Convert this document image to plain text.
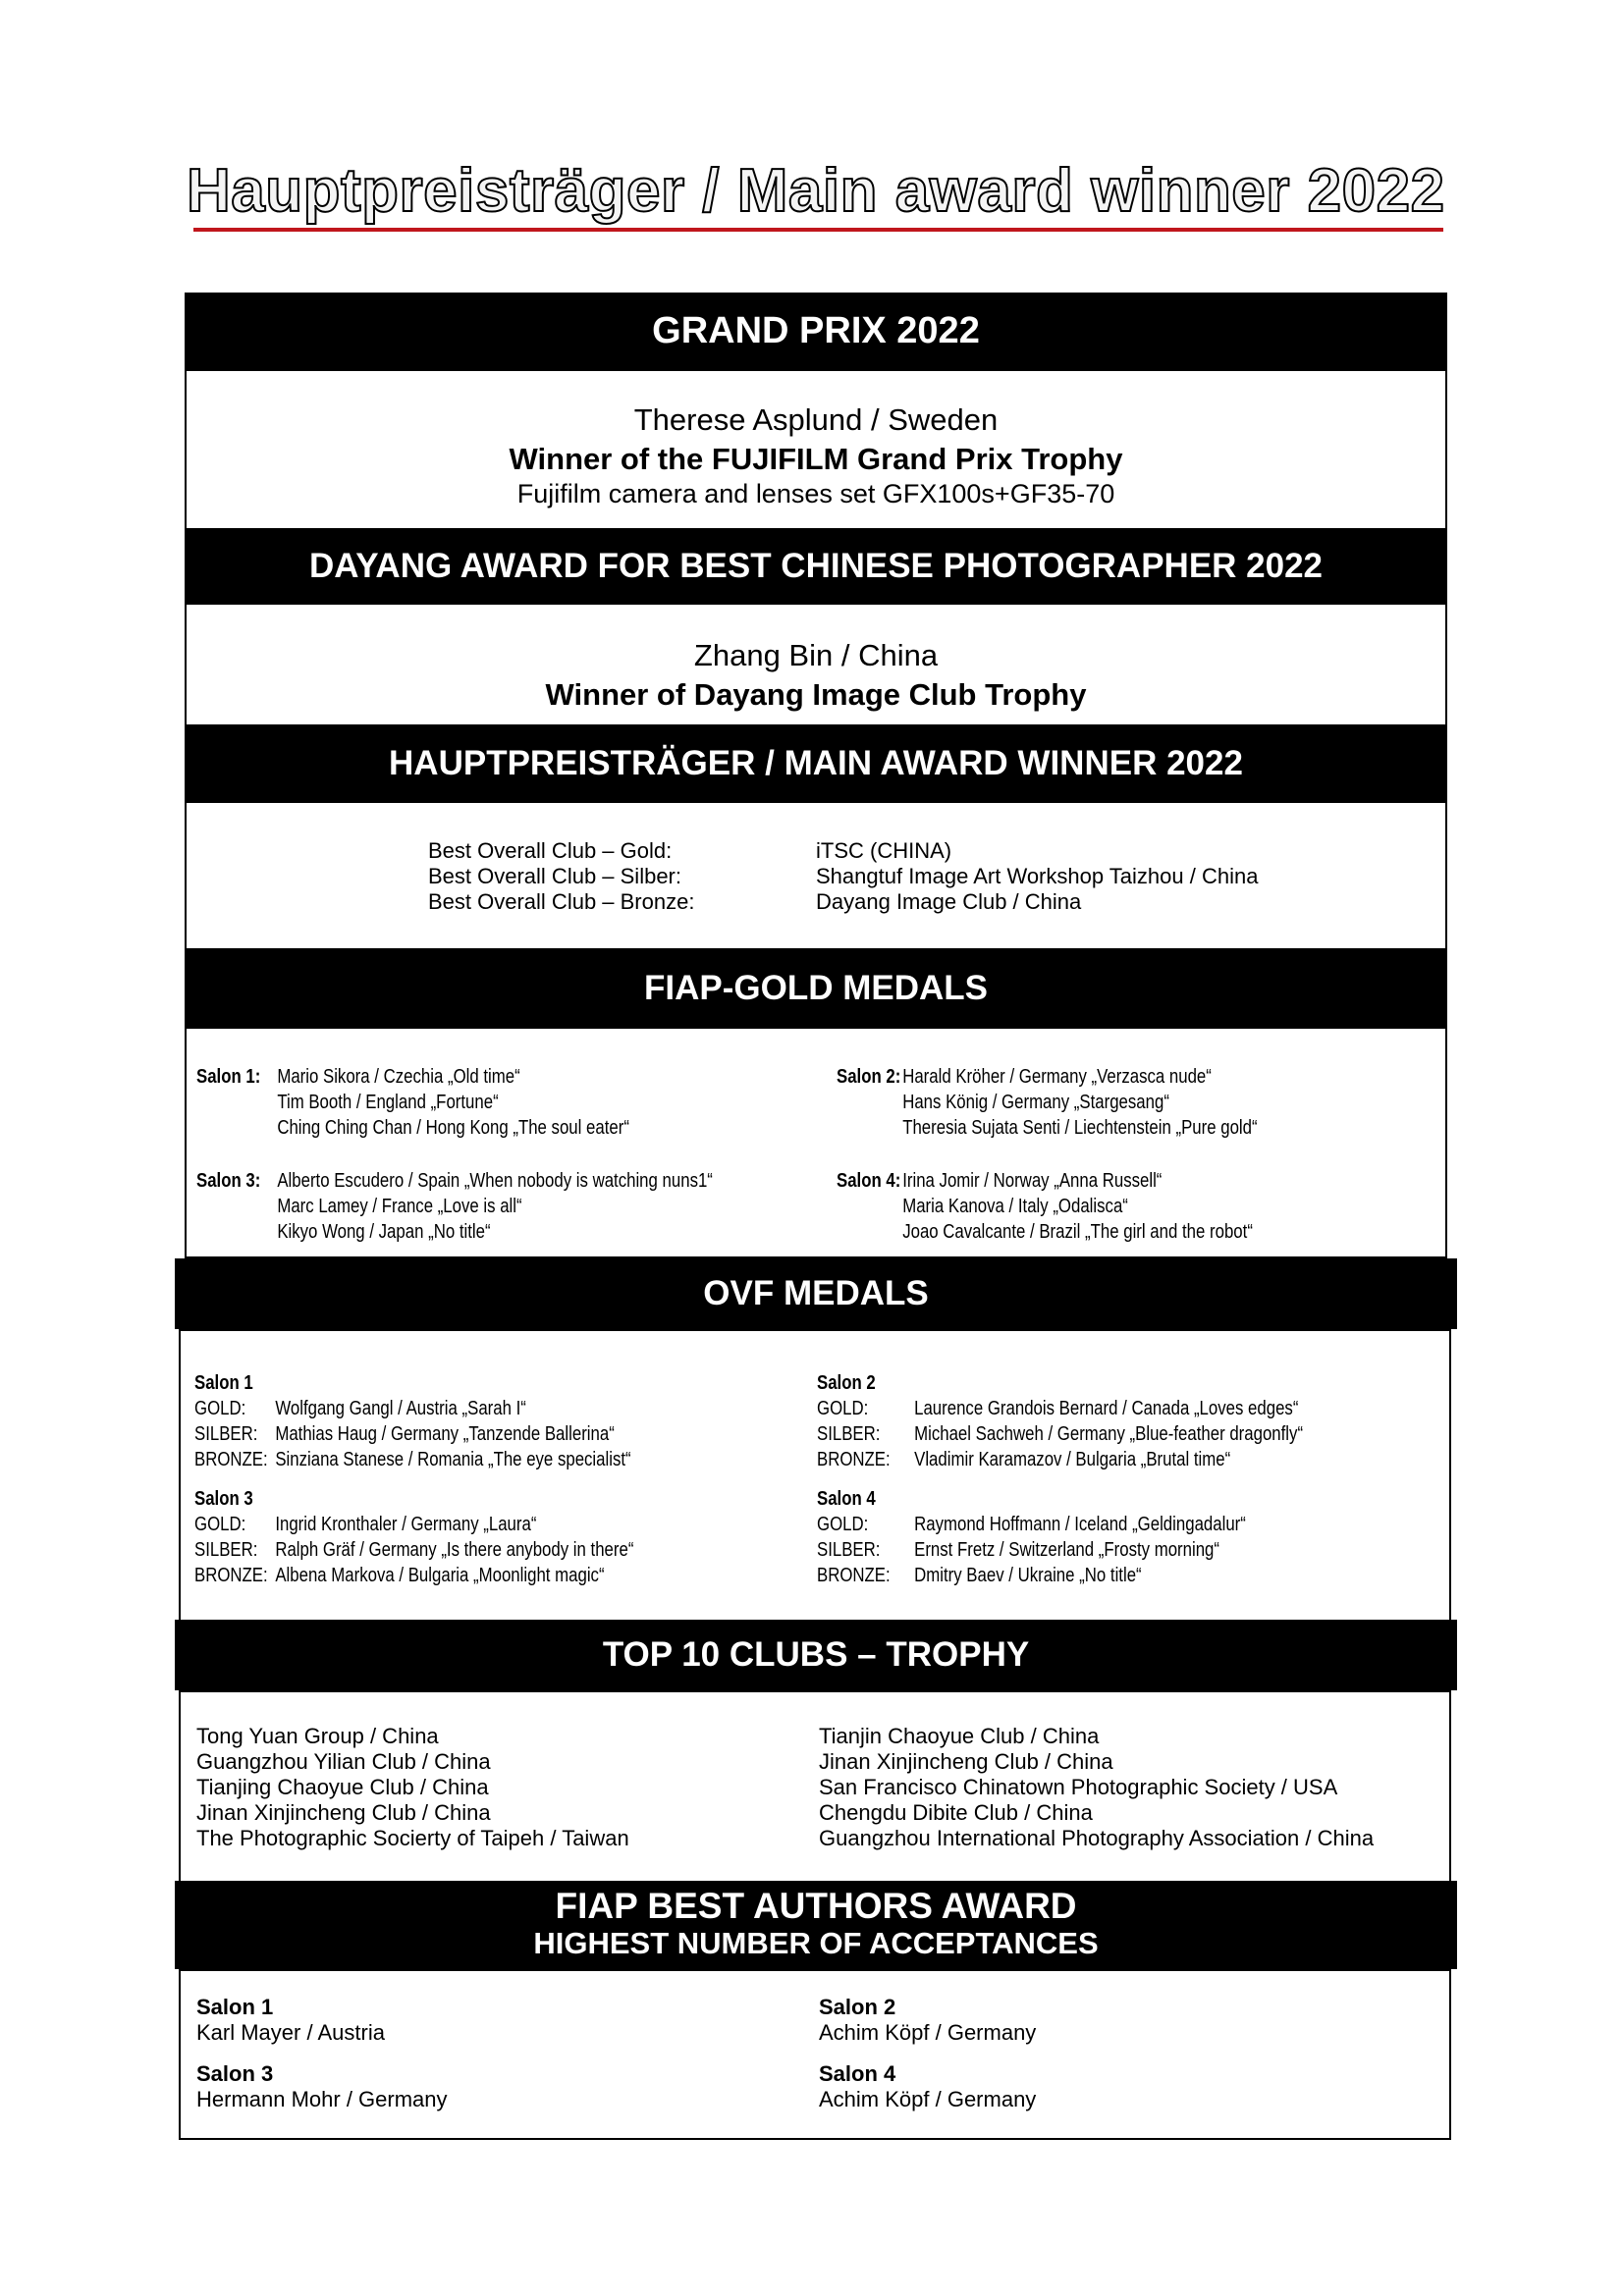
Hauptpreisträger / Main award winner 2022
GRAND PRIX 2022
Therese Asplund / Sweden
Winner of the FUJIFILM Grand Prix Trophy
Fujifilm camera and lenses set GFX100s+GF35-70
DAYANG AWARD FOR BEST CHINESE PHOTOGRAPHER 2022
Zhang Bin / China
Winner of Dayang Image Club Trophy
HAUPTPREISTRÄGER / MAIN AWARD WINNER 2022
Best Overall Club – Gold:	iTSC (CHINA)
Best Overall Club – Silber:	Shangtuf Image Art Workshop Taizhou / China
Best Overall Club – Bronze:	Dayang Image Club / China
FIAP-GOLD MEDALS
Salon 1: Mario Sikora / Czechia „Old time“
Tim Booth / England „Fortune“
Ching Ching Chan / Hong Kong „The soul eater“
Salon 2: Harald Kröher / Germany „Verzasca nude“
Hans König / Germany „Stargesang“
Theresia Sujata Senti / Liechtenstein „Pure gold“
Salon 3: Alberto Escudero / Spain „When nobody is watching nuns1“
Marc Lamey / France „Love is all“
Kikyo Wong / Japan „No title“
Salon 4: Irina Jomir / Norway „Anna Russell“
Maria Kanova / Italy „Odalisca“
Joao Cavalcante / Brazil „The girl and the robot“
OVF MEDALS
Salon 1
GOLD:	Wolfgang Gangl / Austria „Sarah I“
SILBER: Mathias Haug / Germany „Tanzende Ballerina“
BRONZE: Sinziana Stanese / Romania „The eye specialist“
Salon 2
GOLD:	Laurence Grandois Bernard / Canada „Loves edges“
SILBER:	Michael Sachweh / Germany „Blue-feather dragonfly“
BRONZE:	Vladimir Karamazov / Bulgaria „Brutal time“
Salon 3
GOLD:	Ingrid Kronthaler / Germany „Laura“
SILBER: Ralph Gräf / Germany „Is there anybody in there“
BRONZE: Albena Markova / Bulgaria „Moonlight magic“
Salon 4
GOLD:	Raymond Hoffmann / Iceland „Geldingadalur“
SILBER:	Ernst Fretz / Switzerland „Frosty morning“
BRONZE:	Dmitry Baev / Ukraine „No title“
TOP 10 CLUBS – TROPHY
Tong Yuan Group / China
Guangzhou Yilian Club / China
Tianjing Chaoyue Club / China
Jinan Xinjincheng Club / China
The Photographic Socierty of Taipeh / Taiwan
Tianjin Chaoyue Club / China
Jinan Xinjincheng Club / China
San Francisco Chinatown Photographic Society / USA
Chengdu Dibite Club / China
Guangzhou International Photography Association / China
FIAP BEST AUTHORS AWARD
HIGHEST NUMBER OF ACCEPTANCES
Salon 1
Karl Mayer / Austria
Salon 2
Achim Köpf / Germany
Salon 3
Hermann Mohr / Germany
Salon 4
Achim Köpf / Germany
